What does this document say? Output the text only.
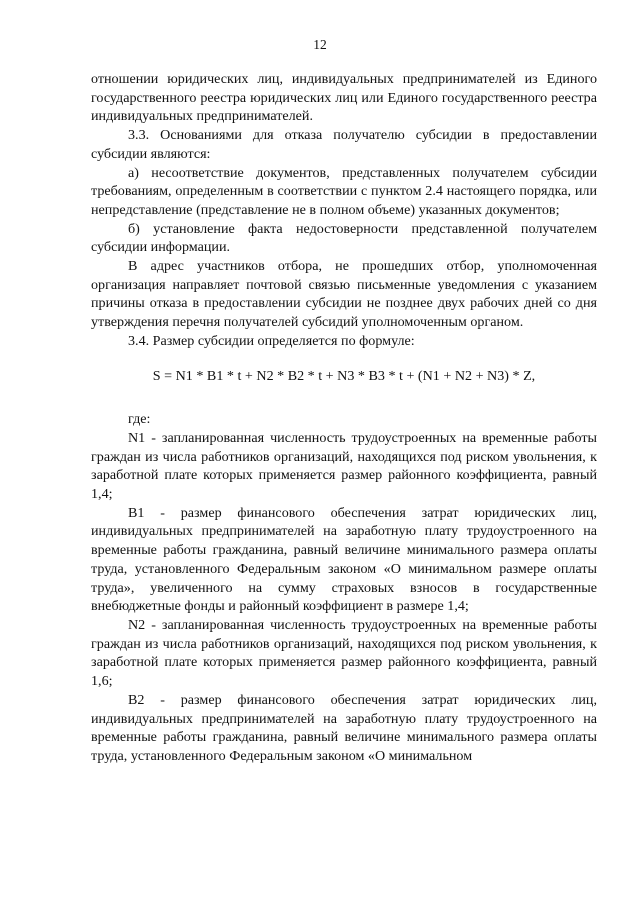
12

отношении юридических лиц, индивидуальных предпринимателей из Единого государственного реестра юридических лиц или Единого государственного реестра индивидуальных предпринимателей.

3.3. Основаниями для отказа получателю субсидии в предоставлении субсидии являются:

а) несоответствие документов, представленных получателем субсидии требованиям, определенным в соответствии с пунктом 2.4 настоящего порядка, или непредставление (представление не в полном объеме) указанных документов;

б) установление факта недостоверности представленной получателем субсидии информации.

В адрес участников отбора, не прошедших отбор, уполномоченная организация направляет почтовой связью письменные уведомления с указанием причины отказа в предоставлении субсидии не позднее двух рабочих дней со дня утверждения перечня получателей субсидий уполномоченным органом.

3.4. Размер субсидии определяется по формуле:

S = N1 * B1 * t + N2 * B2 * t + N3 * B3 * t + (N1 + N2 + N3) * Z,

где:

N1 - запланированная численность трудоустроенных на временные работы граждан из числа работников организаций, находящихся под риском увольнения, к заработной плате которых применяется размер районного коэффициента, равный 1,4;

B1 - размер финансового обеспечения затрат юридических лиц, индивидуальных предпринимателей на заработную плату трудоустроенного на временные работы гражданина, равный величине минимального размера оплаты труда, установленного Федеральным законом «О минимальном размере оплаты труда», увеличенного на сумму страховых взносов в государственные внебюджетные фонды и районный коэффициент в размере 1,4;

N2 - запланированная численность трудоустроенных на временные работы граждан из числа работников организаций, находящихся под риском увольнения, к заработной плате которых применяется размер районного коэффициента, равный 1,6;

B2 - размер финансового обеспечения затрат юридических лиц, индивидуальных предпринимателей на заработную плату трудоустроенного на временные работы гражданина, равный величине минимального размера оплаты труда, установленного Федеральным законом «О минимальном
